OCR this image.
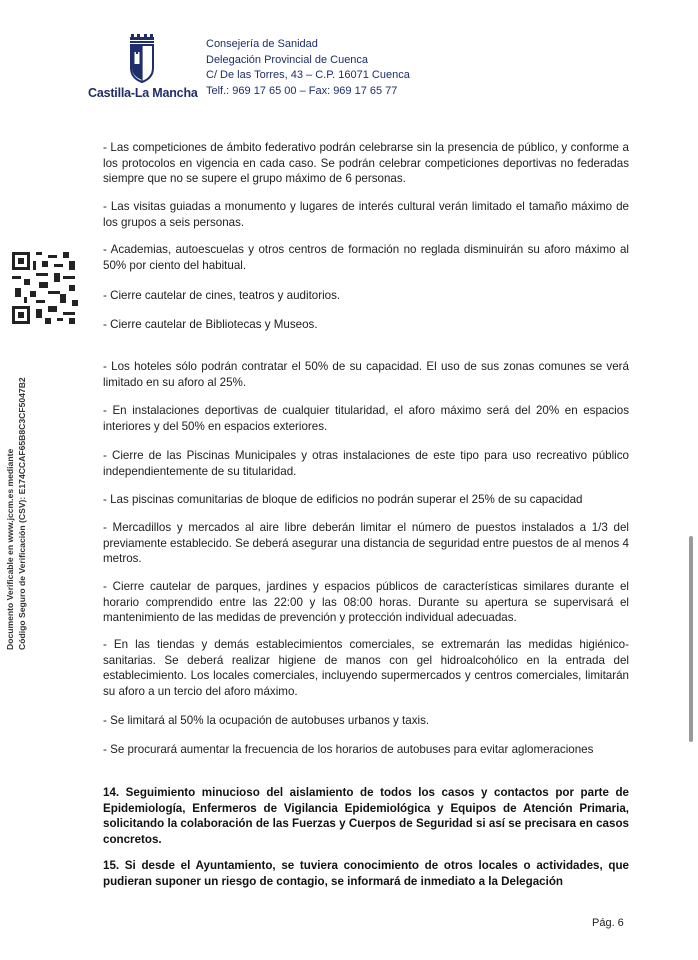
Castilla-La Mancha
Consejería de Sanidad
Delegación Provincial de Cuenca
C/ De las Torres, 43 – C.P. 16071 Cuenca
Telf.: 969 17 65 00 – Fax: 969 17 65 77
Documento Verificable en www.jccm.es mediante Código Seguro de Verificación (CSV): E174CCAF65B8C3CF5047B2
- Las competiciones de ámbito federativo podrán celebrarse sin la presencia de público, y conforme a los protocolos en vigencia en cada caso. Se podrán celebrar competiciones deportivas no federadas siempre que no se supere el grupo máximo de 6 personas.
- Las visitas guiadas a monumento y lugares de interés cultural verán limitado el tamaño máximo de los grupos a seis personas.
- Academias, autoescuelas y otros centros de formación no reglada disminuirán su aforo máximo al 50% por ciento del habitual.
- Cierre cautelar de cines, teatros y auditorios.
- Cierre cautelar de Bibliotecas y Museos.
- Los hoteles sólo podrán contratar el 50% de su capacidad. El uso de sus zonas comunes se verá limitado en su aforo al 25%.
- En instalaciones deportivas de cualquier titularidad, el aforo máximo será del 20% en espacios interiores y del 50% en espacios exteriores.
- Cierre de las Piscinas Municipales y otras instalaciones de este tipo para uso recreativo público independientemente de su titularidad.
- Las piscinas comunitarias de bloque de edificios no podrán superar el 25% de su capacidad
- Mercadillos y mercados al aire libre deberán limitar el número de puestos instalados a 1/3 del previamente establecido. Se deberá asegurar una distancia de seguridad entre puestos de al menos 4 metros.
- Cierre cautelar de parques, jardines y espacios públicos de características similares durante el horario comprendido entre las 22:00 y las 08:00 horas. Durante su apertura se supervisará el mantenimiento de las medidas de prevención y protección individual adecuadas.
- En las tiendas y demás establecimientos comerciales, se extremarán las medidas higiénico-sanitarias. Se deberá realizar higiene de manos con gel hidroalcohólico en la entrada del establecimiento. Los locales comerciales, incluyendo supermercados y centros comerciales, limitarán su aforo a un tercio del aforo máximo.
- Se limitará al 50% la ocupación de autobuses urbanos y taxis.
- Se procurará aumentar la frecuencia de los horarios de autobuses para evitar aglomeraciones
14. Seguimiento minucioso del aislamiento de todos los casos y contactos por parte de Epidemiología, Enfermeros de Vigilancia Epidemiológica y Equipos de Atención Primaria, solicitando la colaboración de las Fuerzas y Cuerpos de Seguridad si así se precisara en casos concretos.
15. Si desde el Ayuntamiento, se tuviera conocimiento de otros locales o actividades, que pudieran suponer un riesgo de contagio, se informará de inmediato a la Delegación
Pág. 6
